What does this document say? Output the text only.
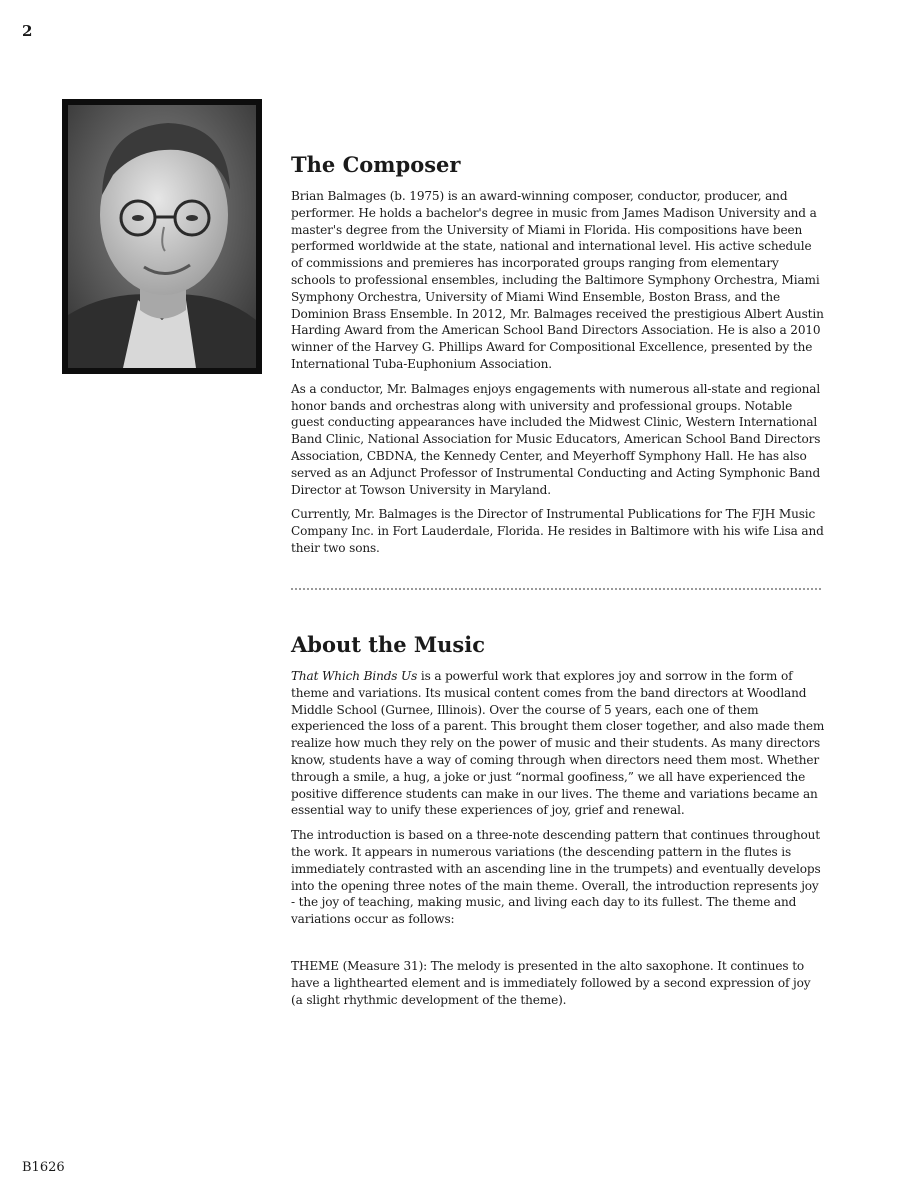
2
The Composer

Brian Balmages (b. 1975) is an award-winning composer, conductor, producer, and performer. He holds a bachelor's degree in music from James Madison University and a master's degree from the University of Miami in Florida. His compositions have been performed worldwide at the state, national and international level. His active schedule of commissions and premieres has incorporated groups ranging from elementary schools to professional ensembles, including the Baltimore Symphony Orchestra, Miami Symphony Orchestra, University of Miami Wind Ensemble, Boston Brass, and the Dominion Brass Ensemble. In 2012, Mr. Balmages received the prestigious Albert Austin Harding Award from the American School Band Directors Association. He is also a 2010 winner of the Harvey G. Phillips Award for Compositional Excellence, presented by the International Tuba-Euphonium Association.

As a conductor, Mr. Balmages enjoys engagements with numerous all-state and regional honor bands and orchestras along with university and professional groups. Notable guest conducting appearances have included the Midwest Clinic, Western International Band Clinic, National Association for Music Educators, American School Band Directors Association, CBDNA, the Kennedy Center, and Meyerhoff Symphony Hall. He has also served as an Adjunct Professor of Instrumental Conducting and Acting Symphonic Band Director at Towson University in Maryland.

Currently, Mr. Balmages is the Director of Instrumental Publications for The FJH Music Company Inc. in Fort Lauderdale, Florida. He resides in Baltimore with his wife Lisa and their two sons.

About the Music

That Which Binds Us is a powerful work that explores joy and sorrow in the form of theme and variations. Its musical content comes from the band directors at Woodland Middle School (Gurnee, Illinois). Over the course of 5 years, each one of them experienced the loss of a parent. This brought them closer together, and also made them realize how much they rely on the power of music and their students. As many directors know, students have a way of coming through when directors need them most. Whether through a smile, a hug, a joke or just “normal goofiness,” we all have experienced the positive difference students can make in our lives. The theme and variations became an essential way to unify these experiences of joy, grief and renewal.

The introduction is based on a three-note descending pattern that continues throughout the work. It appears in numerous variations (the descending pattern in the flutes is immediately contrasted with an ascending line in the trumpets) and eventually develops into the opening three notes of the main theme. Overall, the introduction represents joy - the joy of teaching, making music, and living each day to its fullest. The theme and variations occur as follows:

THEME (Measure 31): The melody is presented in the alto saxophone. It continues to have a lighthearted element and is immediately followed by a second expression of joy (a slight rhythmic development of the theme).

B1626
